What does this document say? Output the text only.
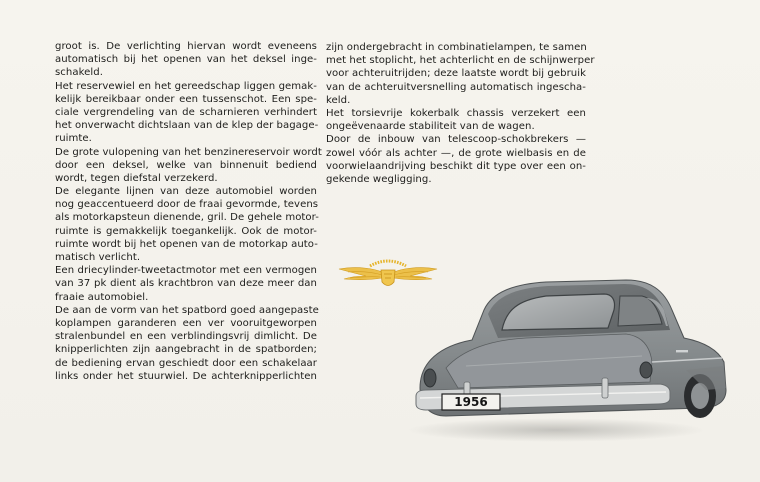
groot is. De verlichting hiervan wordt eveneens
automatisch bij het openen van het deksel inge-
schakeld.
Het reservewiel en het gereedschap liggen gemak-
kelijk bereikbaar onder een tussenschot. Een spe-
ciale vergrendeling van de scharnieren verhindert
het onverwacht dichtslaan van de klep der bagage-
ruimte.
De grote vulopening van het benzinereservoir wordt
door een deksel, welke van binnenuit bediend
wordt, tegen diefstal verzekerd.
De elegante lijnen van deze automobiel worden
nog geaccentueerd door de fraai gevormde, tevens
als motorkapsteun dienende, gril. De gehele motor-
ruimte is gemakkelijk toegankelijk. Ook de motor-
ruimte wordt bij het openen van de motorkap auto-
matisch verlicht.
Een driecylinder-tweetactmotor met een vermogen
van 37 pk dient als krachtbron van deze meer dan
fraaie automobiel.
De aan de vorm van het spatbord goed aangepaste
koplampen garanderen een ver vooruitgeworpen
stralenbundel en een verblindingsvrij dimlicht. De
knipperlichten zijn aangebracht in de spatborden;
de bediening ervan geschiedt door een schakelaar
links onder het stuurwiel. De achterknipperlichten
zijn ondergebracht in combinatielampen, te samen
met het stoplicht, het achterlicht en de schijnwerper
voor achteruitrijden; deze laatste wordt bij gebruik
van de achteruitversnelling automatisch ingescha-
keld.
Het torsievrije kokerbalk chassis verzekert een
ongeëvenaarde stabiliteit van de wagen.
Door de inbouw van telescoop-schokbrekers —
zowel vóór als achter —, de grote wielbasis en de
voorwielaandrijving beschikt dit type over een on-
gekende wegligging.
1956
